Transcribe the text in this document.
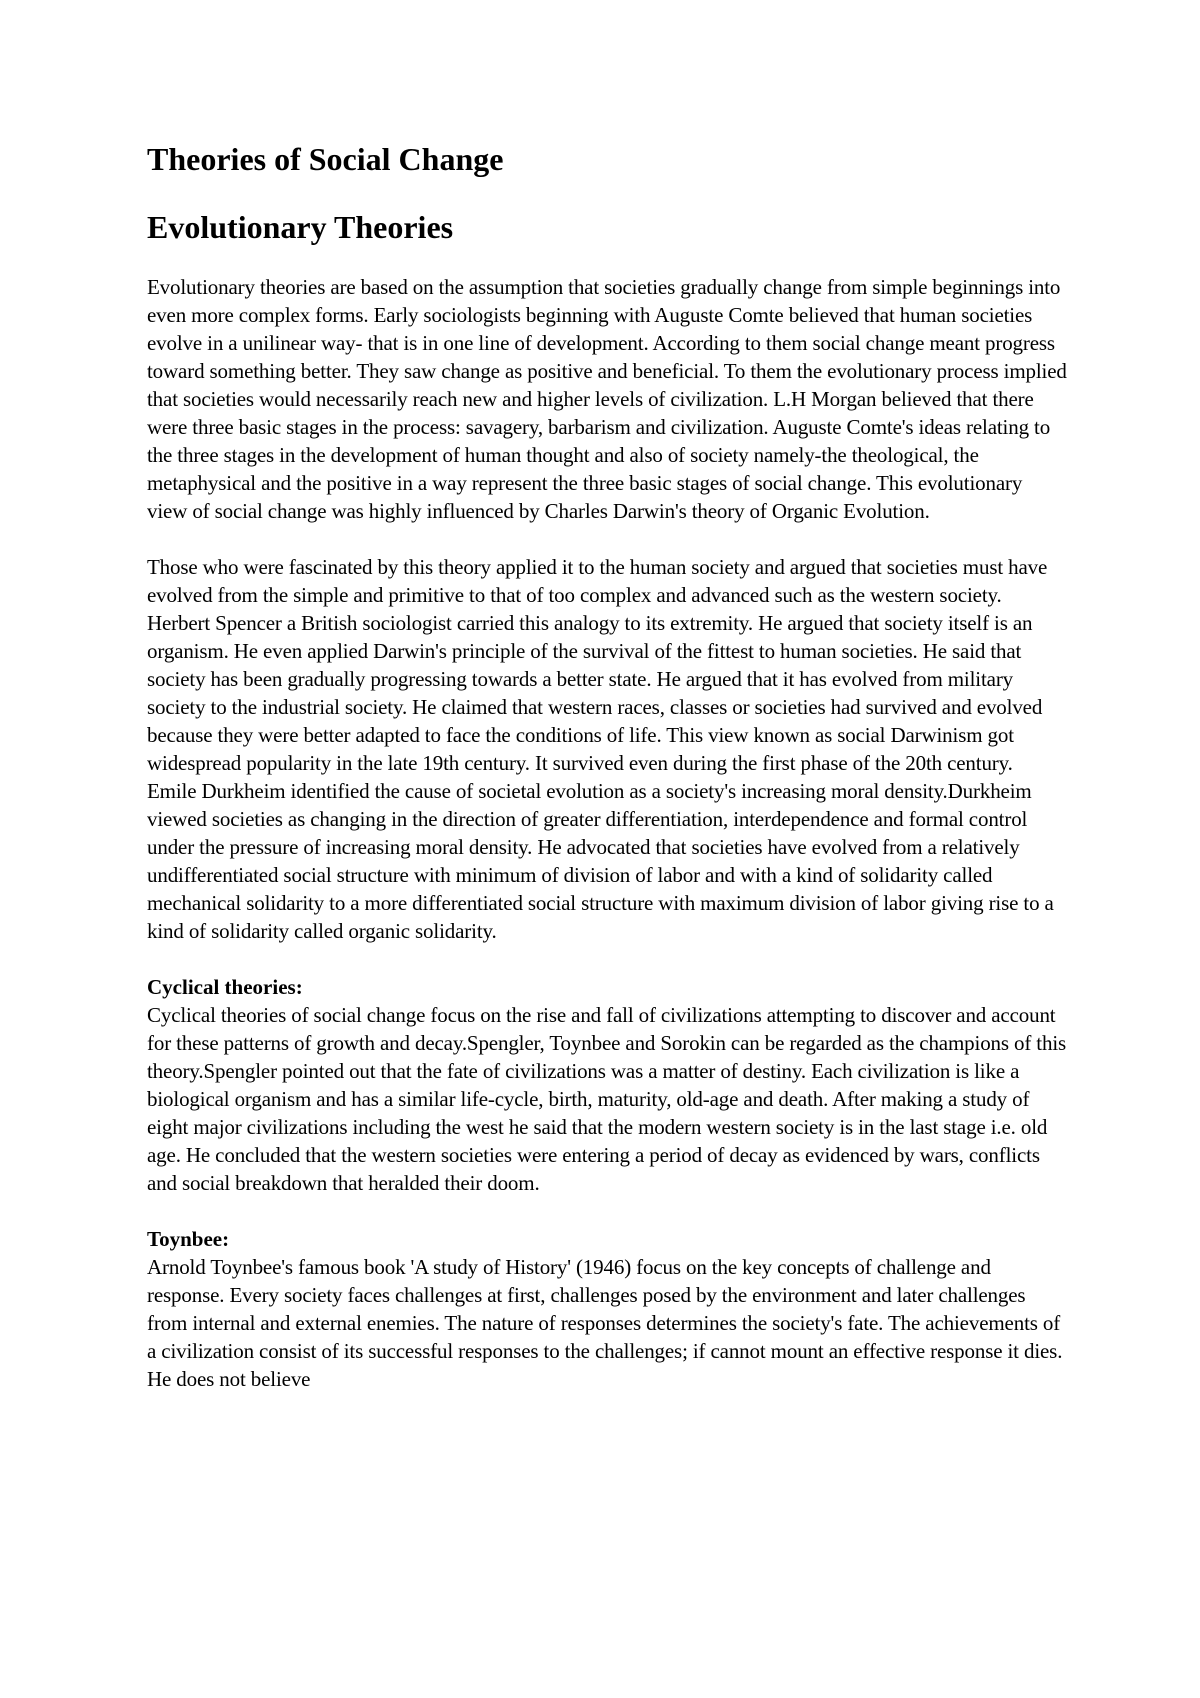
Theories of Social Change
Evolutionary Theories

Evolutionary theories are based on the assumption that societies gradually change from simple beginnings into even more complex forms. Early sociologists beginning with Auguste Comte believed that human societies evolve in a unilinear way- that is in one line of development. According to them social change meant progress toward something better. They saw change as positive and beneficial. To them the evolutionary process implied that societies would necessarily reach new and higher levels of civilization. L.H Morgan believed that there were three basic stages in the process: savagery, barbarism and civilization. Auguste Comte's ideas relating to the three stages in the development of human thought and also of society namely-the theological, the metaphysical and the positive in a way represent the three basic stages of social change. This evolutionary view of social change was highly influenced by Charles Darwin's theory of Organic Evolution.

Those who were fascinated by this theory applied it to the human society and argued that societies must have evolved from the simple and primitive to that of too complex and advanced such as the western society. Herbert Spencer a British sociologist carried this analogy to its extremity. He argued that society itself is an organism. He even applied Darwin's principle of the survival of the fittest to human societies. He said that society has been gradually progressing towards a better state. He argued that it has evolved from military society to the industrial society. He claimed that western races, classes or societies had survived and evolved because they were better adapted to face the conditions of life. This view known as social Darwinism got widespread popularity in the late 19th century. It survived even during the first phase of the 20th century. Emile Durkheim identified the cause of societal evolution as a society's increasing moral density.Durkheim viewed societies as changing in the direction of greater differentiation, interdependence and formal control under the pressure of increasing moral density. He advocated that societies have evolved from a relatively undifferentiated social structure with minimum of division of labor and with a kind of solidarity called mechanical solidarity to a more differentiated social structure with maximum division of labor giving rise to a kind of solidarity called organic solidarity.

Cyclical theories:

Cyclical theories of social change focus on the rise and fall of civilizations attempting to discover and account for these patterns of growth and decay.Spengler, Toynbee and Sorokin can be regarded as the champions of this theory.Spengler pointed out that the fate of civilizations was a matter of destiny. Each civilization is like a biological organism and has a similar life-cycle, birth, maturity, old-age and death. After making a study of eight major civilizations including the west he said that the modern western society is in the last stage i.e. old age. He concluded that the western societies were entering a period of decay as evidenced by wars, conflicts and social breakdown that heralded their doom.

Toynbee:

Arnold Toynbee's famous book 'A study of History' (1946) focus on the key concepts of challenge and response. Every society faces challenges at first, challenges posed by the environment and later challenges from internal and external enemies. The nature of responses determines the society's fate. The achievements of a civilization consist of its successful responses to the challenges; if cannot mount an effective response it dies. He does not believe
